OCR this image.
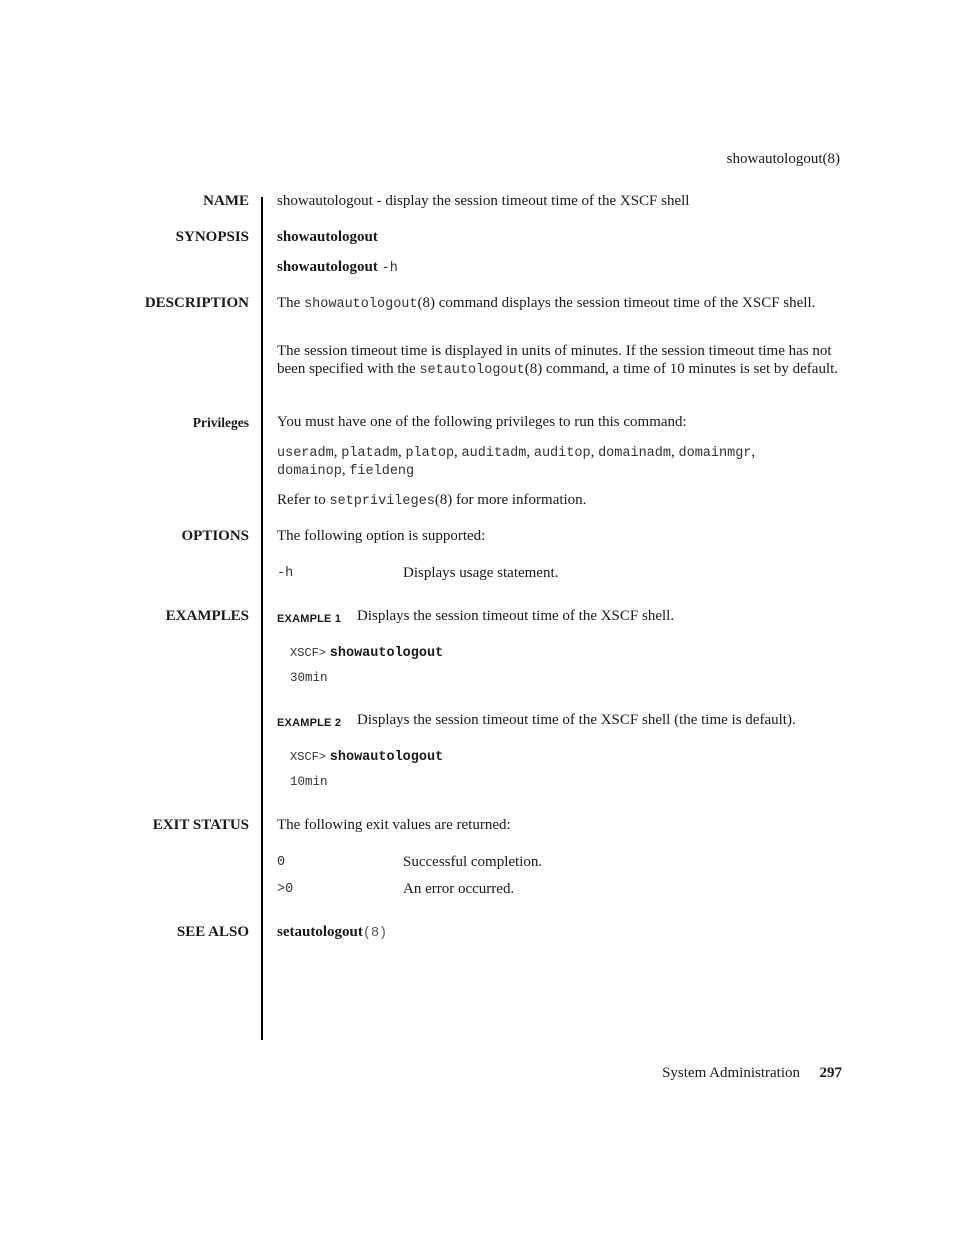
showautologout(8)
NAME showautologout - display the session timeout time of the XSCF shell
SYNOPSIS showautologout
showautologout -h
DESCRIPTION The showautologout(8) command displays the session timeout time of the XSCF shell.
The session timeout time is displayed in units of minutes. If the session timeout time has not been specified with the setautologout(8) command, a time of 10 minutes is set by default.
Privileges You must have one of the following privileges to run this command:
useradm, platadm, platop, auditadm, auditop, domainadm, domainmgr,
domainop, fieldeng
Refer to setprivileges(8) for more information.
OPTIONS The following option is supported:
-h	Displays usage statement.
EXAMPLES	EXAMPLE 1 Displays the session timeout time of the XSCF shell.
XSCF> showautologout
30min
EXAMPLE 2 Displays the session timeout time of the XSCF shell (the time is default).
XSCF> showautologout
10min
EXIT STATUS The following exit values are returned:
0	Successful completion.
>0	An error occurred.
SEE ALSO setautologout(8)
System Administration 297
